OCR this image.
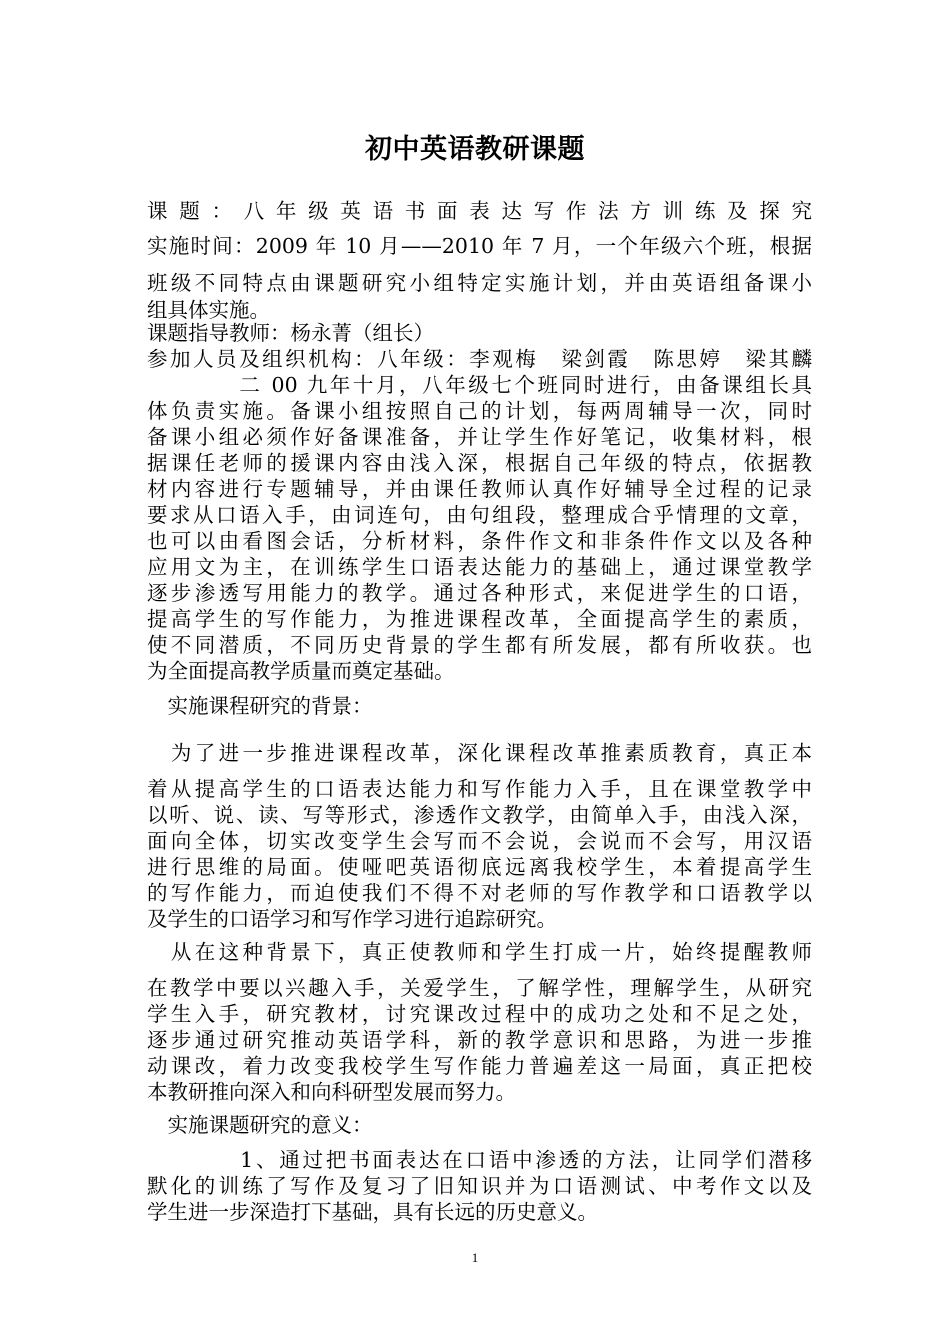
初中英语教研课题
课题：八年级英语书面表达写作法方训练及探究
实施时间：2009 年 10 月——2010 年 7 月，一个年级六个班，根据
班级不同特点由课题研究小组特定实施计划，并由英语组备课小
组具体实施。
课题指导教师：杨永菁（组长）
参加人员及组织机构：八年级：李观梅　梁剑霞　陈思婷　梁其麟
　　　　二 00 九年十月，八年级七个班同时进行，由备课组长具
体负责实施。备课小组按照自己的计划，每两周辅导一次，同时
备课小组必须作好备课准备，并让学生作好笔记，收集材料，根
据课任老师的援课内容由浅入深，根据自己年级的特点，依据教
材内容进行专题辅导，并由课任教师认真作好辅导全过程的记录
要求从口语入手，由词连句，由句组段，整理成合乎情理的文章，
也可以由看图会话，分析材料，条件作文和非条件作文以及各种
应用文为主，在训练学生口语表达能力的基础上，通过课堂教学
逐步渗透写用能力的教学。通过各种形式，来促进学生的口语，
提高学生的写作能力，为推进课程改革，全面提高学生的素质，
使不同潜质，不同历史背景的学生都有所发展，都有所收获。也
为全面提高教学质量而奠定基础。
　实施课程研究的背景：
　为了进一步推进课程改革，深化课程改革推素质教育，真正本
着从提高学生的口语表达能力和写作能力入手，且在课堂教学中
以听、说、读、写等形式，渗透作文教学，由简单入手，由浅入深，
面向全体，切实改变学生会写而不会说，会说而不会写，用汉语
进行思维的局面。使哑吧英语彻底远离我校学生，本着提高学生
的写作能力，而迫使我们不得不对老师的写作教学和口语教学以
及学生的口语学习和写作学习进行追踪研究。
　从在这种背景下，真正使教师和学生打成一片，始终提醒教师
在教学中要以兴趣入手，关爱学生，了解学性，理解学生，从研究
学生入手，研究教材，讨究课改过程中的成功之处和不足之处，
逐步通过研究推动英语学科，新的教学意识和思路，为进一步推
动课改，着力改变我校学生写作能力普遍差这一局面，真正把校
本教研推向深入和向科研型发展而努力。
　实施课题研究的意义：
　　　　1、通过把书面表达在口语中渗透的方法，让同学们潜移
默化的训练了写作及复习了旧知识并为口语测试、中考作文以及
学生进一步深造打下基础，具有长远的历史意义。
1
